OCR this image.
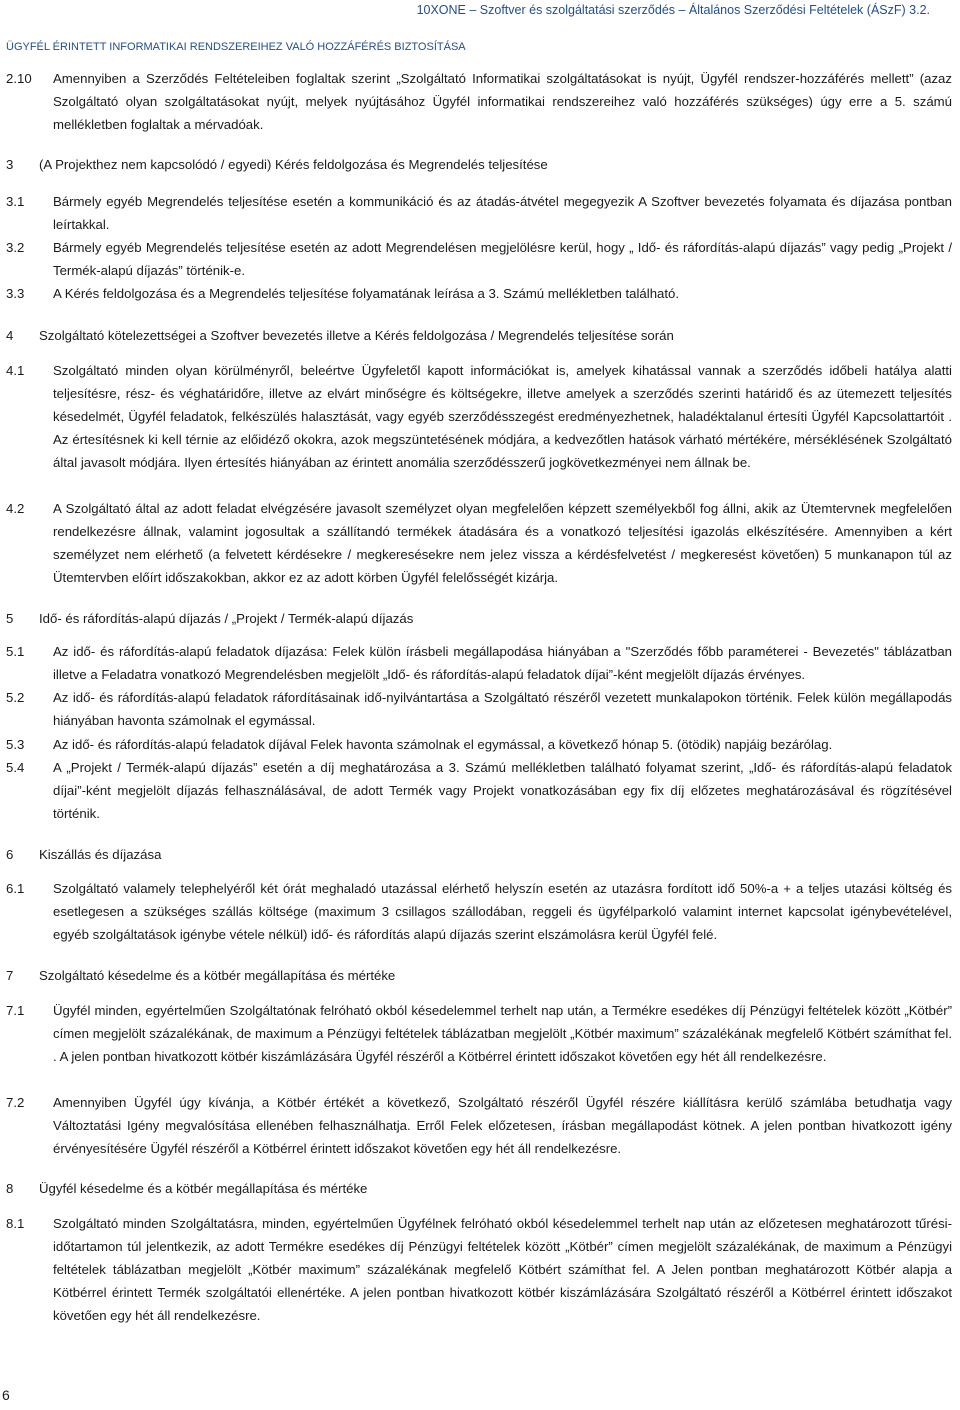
10XONE – Szoftver és szolgáltatási szerződés – Általános Szerződési Feltételek (ÁSzF) 3.2.
ÜGYFÉL ÉRINTETT INFORMATIKAI RENDSZEREIHEZ VALÓ HOZZÁFÉRÉS BIZTOSÍTÁSA
2.10 Amennyiben a Szerződés Feltételeiben foglaltak szerint „Szolgáltató Informatikai szolgáltatásokat is nyújt, Ügyfél rendszer-hozzáférés mellett” (azaz Szolgáltató olyan szolgáltatásokat nyújt, melyek nyújtásához Ügyfél informatikai rendszereihez való hozzáférés szükséges) úgy erre a 5. számú mellékletben foglaltak a mérvadóak.
3 (A Projekthez nem kapcsolódó / egyedi) Kérés feldolgozása és Megrendelés teljesítése
3.1 Bármely egyéb Megrendelés teljesítése esetén a kommunikáció és az átadás-átvétel megegyezik A Szoftver bevezetés folyamata és díjazása pontban leírtakkal.
3.2 Bármely egyéb Megrendelés teljesítése esetén az adott Megrendelésen megjelölésre kerül, hogy „ Idő- és ráfordítás-alapú díjazás” vagy pedig „Projekt / Termék-alapú díjazás” történik-e.
3.3 A Kérés feldolgozása és a Megrendelés teljesítése folyamatának leírása a 3. Számú mellékletben található.
4 Szolgáltató kötelezettségei a Szoftver bevezetés illetve a Kérés feldolgozása / Megrendelés teljesítése során
4.1 Szolgáltató minden olyan körülményről, beleértve Ügyfeletől kapott információkat is, amelyek kihatással vannak a szerződés időbeli hatálya alatti teljesítésre, rész- és véghatáridőre, illetve az elvárt minőségre és költségekre, illetve amelyek a szerződés szerinti határidő és az ütemezett teljesítés késedelmét, Ügyfél feladatok, felkészülés halasztását, vagy egyéb szerződésszegést eredményezhetnek, haladéktalanul értesíti Ügyfél Kapcsolattartóit . Az értesítésnek ki kell térnie az előidéző okokra, azok megszüntetésének módjára, a kedvezőtlen hatások várható mértékére, mérséklésének Szolgáltató által javasolt módjára. Ilyen értesítés hiányában az érintett anomália szerződésszerű jogkövetkezményei nem állnak be.
4.2 A Szolgáltató által az adott feladat elvégzésére javasolt személyzet olyan megfelelően képzett személyekből fog állni, akik az Ütemtervnek megfelelően rendelkezésre állnak, valamint jogosultak a szállítandó termékek átadására és a vonatkozó teljesítési igazolás elkészítésére. Amennyiben a kért személyzet nem elérhető (a felvetett kérdésekre / megkeresésekre nem jelez vissza a kérdésfelvetést / megkeresést követően) 5 munkanapon túl az Ütemtervben előírt időszakokban, akkor ez az adott körben Ügyfél felelősségét kizárja.
5 Idő- és ráfordítás-alapú díjazás / „Projekt / Termék-alapú díjazás
5.1 Az idő- és ráfordítás-alapú feladatok díjazása: Felek külön írásbeli megállapodása hiányában a "Szerződés főbb paraméterei - Bevezetés" táblázatban illetve a Feladatra vonatkozó Megrendelésben megjelölt „Idő- és ráfordítás-alapú feladatok díjai”-ként megjelölt díjazás érvényes.
5.2 Az idő- és ráfordítás-alapú feladatok ráfordításainak idő-nyilvántartása a Szolgáltató részéről vezetett munkalapokon történik. Felek külön megállapodás hiányában havonta számolnak el egymással.
5.3 Az idő- és ráfordítás-alapú feladatok díjával Felek havonta számolnak el egymással, a következő hónap 5. (ötödik) napjáig bezárólag.
5.4 A „Projekt / Termék-alapú díjazás” esetén a díj meghatározása a 3. Számú mellékletben található folyamat szerint, „Idő- és ráfordítás-alapú feladatok díjai”-ként megjelölt díjazás felhasználásával, de adott Termék vagy Projekt vonatkozásában egy fix díj előzetes meghatározásával és rögzítésével történik.
6 Kiszállás és díjazása
6.1 Szolgáltató valamely telephelyéről két órát meghaladó utazással elérhető helyszín esetén az utazásra fordított idő 50%-a + a teljes utazási költség és esetlegesen a szükséges szállás költsége (maximum 3 csillagos szállodában, reggeli és ügyfélparkoló valamint internet kapcsolat igénybevételével, egyéb szolgáltatások igénybe vétele nélkül) idő- és ráfordítás alapú díjazás szerint elszámolásra kerül Ügyfél felé.
7 Szolgáltató késedelme és a kötbér megállapítása és mértéke
7.1 Ügyfél minden, egyértelműen Szolgáltatónak felróható okból késedelemmel terhelt nap után, a Termékre esedékes díj Pénzügyi feltételek között „Kötbér” címen megjelölt százalékának, de maximum a Pénzügyi feltételek táblázatban megjelölt „Kötbér maximum” százalékának megfelelő Kötbért számíthat fel. . A jelen pontban hivatkozott kötbér kiszámlázására Ügyfél részéről a Kötbérrel érintett időszakot követően egy hét áll rendelkezésre.
7.2 Amennyiben Ügyfél úgy kívánja, a Kötbér értékét a következő, Szolgáltató részéről Ügyfél részére kiállításra kerülő számlába betudhatja vagy Változtatási Igény megvalósítása ellenében felhasználhatja. Erről Felek előzetesen, írásban megállapodást kötnek. A jelen pontban hivatkozott igény érvényesítésére Ügyfél részéről a Kötbérrel érintett időszakot követően egy hét áll rendelkezésre.
8 Ügyfél késedelme és a kötbér megállapítása és mértéke
8.1 Szolgáltató minden Szolgáltatásra, minden, egyértelműen Ügyfélnek felróható okból késedelemmel terhelt nap után az előzetesen meghatározott tűrési-időtartamon túl jelentkezik, az adott Termékre esedékes díj Pénzügyi feltételek között „Kötbér” címen megjelölt százalékának, de maximum a Pénzügyi feltételek táblázatban megjelölt „Kötbér maximum” százalékának megfelelő Kötbért számíthat fel. A Jelen pontban meghatározott Kötbér alapja a Kötbérrel érintett Termék szolgáltatói ellenértéke. A jelen pontban hivatkozott kötbér kiszámlázására Szolgáltató részéről a Kötbérrel érintett időszakot követően egy hét áll rendelkezésre.
6
